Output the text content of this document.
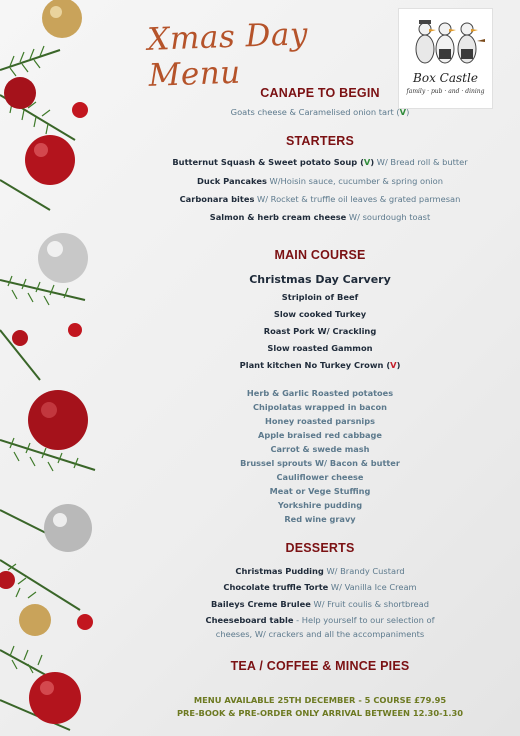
Xmas Day Menu	Box Castle
family · pub · and · dining
CANAPE TO BEGIN
Goats cheese & Caramelised onion tart (V)
STARTERS
Butternut Squash & Sweet potato Soup (V) W/ Bread roll & butter
Duck Pancakes W/Hoisin sauce, cucumber & spring onion
Carbonara bites W/ Rocket & truffle oil leaves & grated parmesan
Salmon & herb cream cheese W/ sourdough toast
MAIN COURSE
Christmas Day Carvery
Striploin of Beef
Slow cooked Turkey
Roast Pork W/ Crackling
Slow roasted Gammon
Plant kitchen No Turkey Crown (V)
Herb & Garlic Roasted potatoes
Chipolatas wrapped in bacon
Honey roasted parsnips
Apple braised red cabbage
Carrot & swede mash
Brussel sprouts W/ Bacon & butter
Cauliflower cheese
Meat or Vege Stuffing
Yorkshire pudding
Red wine gravy
DESSERTS
Christmas Pudding W/ Brandy Custard
Chocolate truffle Torte W/ Vanilla Ice Cream
Baileys Creme Brulee W/ Fruit coulis & shortbread
Cheeseboard table - Help yourself to our selection of
cheeses, W/ crackers and all the accompaniments
TEA / COFFEE & MINCE PIES
MENU AVAILABLE 25TH DECEMBER - 5 COURSE £79.95
PRE-BOOK & PRE-ORDER ONLY ARRIVAL BETWEEN 12.30-1.30
